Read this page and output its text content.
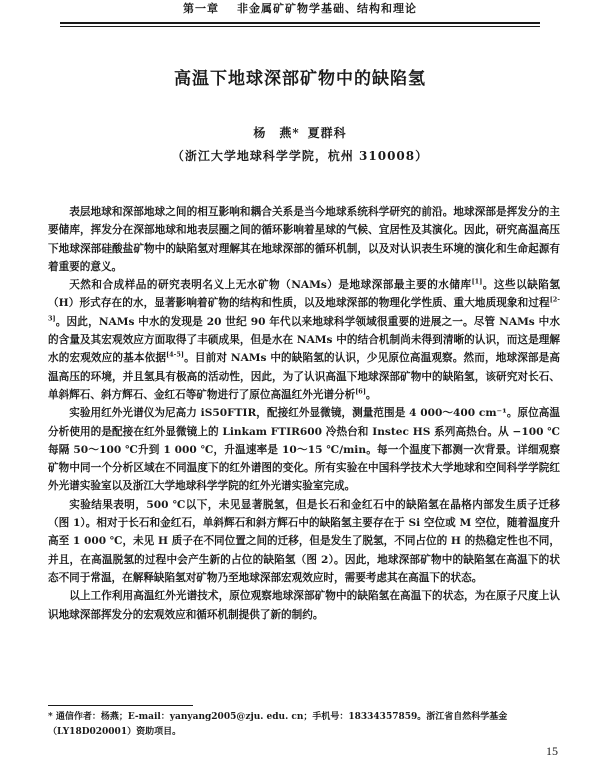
第一章 非金属矿矿物学基础、结构和理论
高温下地球深部矿物中的缺陷氢
杨　燕* 夏群科
（浙江大学地球科学学院，杭州 310008）

表层地球和深部地球之间的相互影响和耦合关系是当今地球系统科学研究的前沿。地球深部是挥发分的主要储库，挥发分在深部地球和地表层圈之间的循环影响着星球的气候、宜居性及其演化。因此，研究高温高压下地球深部硅酸盐矿物中的缺陷氢对理解其在地球深部的循环机制，以及对认识表生环境的演化和生命起源有着重要的意义。

天然和合成样品的研究表明名义上无水矿物（NAMs）是地球深部最主要的水储库[1]。这些以缺陷氢（H）形式存在的水，显著影响着矿物的结构和性质，以及地球深部的物理化学性质、重大地质现象和过程[2-3]。因此，NAMs 中水的发现是 20 世纪 90 年代以来地球科学领域很重要的进展之一。尽管 NAMs 中水的含量及其宏观效应方面取得了丰硕成果，但是水在 NAMs 中的结合机制尚未得到清晰的认识，而这是理解水的宏观效应的基本依据[4-5]。目前对 NAMs 中的缺陷氢的认识，少见原位高温观察。然而，地球深部是高温高压的环境，并且氢具有极高的活动性，因此，为了认识高温下地球深部矿物中的缺陷氢，该研究对长石、单斜辉石、斜方辉石、金红石等矿物进行了原位高温红外光谱分析[6]。

实验用红外光谱仪为尼高力 iS50FTIR，配接红外显微镜，测量范围是 4 000～400 cm⁻¹。原位高温分析使用的是配接在红外显微镜上的 Linkam FTIR600 冷热台和 Instec HS 系列高热台。从 −100 ℃每隔 50～100 ℃升到 1 000 ℃，升温速率是 10～15 ℃/min。每一个温度下都测一次背景。详细观察矿物中同一个分析区域在不同温度下的红外谱图的变化。所有实验在中国科学技术大学地球和空间科学学院红外光谱实验室以及浙江大学地球科学学院的红外光谱实验室完成。

实验结果表明，500 ℃以下，未见显著脱氢，但是长石和金红石中的缺陷氢在晶格内部发生质子迁移（图 1）。相对于长石和金红石，单斜辉石和斜方辉石中的缺陷氢主要存在于 Si 空位或 M 空位，随着温度升高至 1 000 ℃，未见 H 质子在不同位置之间的迁移，但是发生了脱氢，不同占位的 H 的热稳定性也不同，并且，在高温脱氢的过程中会产生新的占位的缺陷氢（图 2）。因此，地球深部矿物中的缺陷氢在高温下的状态不同于常温，在解释缺陷氢对矿物乃至地球深部宏观效应时，需要考虑其在高温下的状态。

以上工作利用高温红外光谱技术，原位观察地球深部矿物中的缺陷氢在高温下的状态，为在原子尺度上认识地球深部挥发分的宏观效应和循环机制提供了新的制约。

* 通信作者：杨燕；E-mail：yanyang2005@zju. edu. cn；手机号：18334357859。浙江省自然科学基金（LY18D020001）资助项目。
15
